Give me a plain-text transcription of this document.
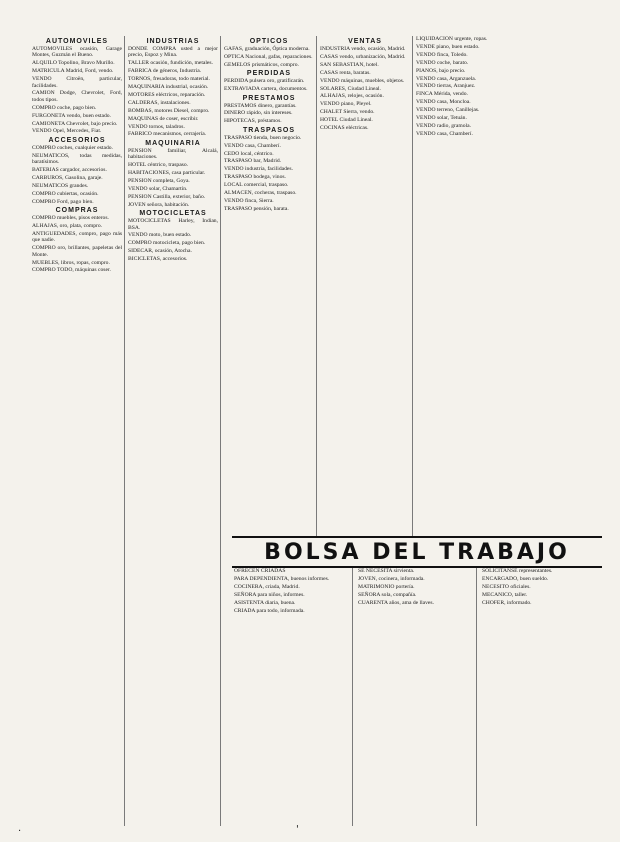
AUTOMOVILES
AUTOMOVILES ocasión, Garage Montes, Guzmán el Bueno.
ALQUILO Topolino, Bravo Murillo.
MATRICULA Madrid, Ford, vendo.
VENDO Citroën, particular, facilidades.
CAMION Dodge, Chevrolet, Ford, todos tipos.
COMPRO coche, pago bien.
FURGONETA vendo, buen estado.
CAMIONETA Chevrolet, bajo precio.
VENDO Opel, Mercedes, Fiat.
ACCESORIOS
COMPRO coches, cualquier estado.
NEUMATICOS, todas medidas, baratísimos.
BATERIAS cargador, accesorios.
CARBUROS, Gasolina, garaje.
NEUMATICOS grandes.
COMPRO cubiertas, ocasión.
COMPRO Ford, pago bien.
COMPRAS
COMPRO muebles, pisos enteros.
ALHAJAS, oro, plata, compro.
ANTIGUEDADES, compro, pago más que nadie.
COMPRO oro, brillantes, papeletas del Monte.
MUEBLES, libros, ropas, compro.
COMPRO TODO, máquinas coser.
INDUSTRIAS
DONDE COMPRA usted a mejor precio, Espoz y Mina.
TALLER ocasión, fundición, metales.
FABRICA de géneros, Industria.
TORNOS, fresadoras, todo material.
MAQUINARIA industrial, ocasión.
MOTORES eléctricos, reparación.
CALDERAS, instalaciones.
BOMBAS, motores Diesel, compro.
MAQUINAS de coser, escribir.
VENDO tornos, taladros.
FABRICO mecanismos, cerrajería.
MAQUINARIA
PENSION familiar, Alcalá, habitaciones.
HOTEL céntrico, traspaso.
HABITACIONES, casa particular.
PENSION completa, Goya.
VENDO solar, Chamartín.
PENSION Castilla, exterior, baño.
JOVEN señora, habitación.
MOTOCICLETAS
MOTOCICLETAS Harley, Indian, BSA.
VENDO moto, buen estado.
COMPRO motocicleta, pago bien.
SIDECAR, ocasión, Atocha.
BICICLETAS, accesorios.
OPTICOS
GAFAS, graduación, Óptica moderna.
OPTICA Nacional, gafas, reparaciones.
GEMELOS prismáticos, compro.
PERDIDAS
PERDIDA pulsera oro, gratificarán.
EXTRAVIADA cartera, documentos.
PRESTAMOS
PRESTAMOS dinero, garantías.
DINERO rápido, sin intereses.
HIPOTECAS, préstamos.
TRASPASOS
TRASPASO tienda, buen negocio.
VENDO casa, Chamberí.
CEDO local, céntrico.
TRASPASO bar, Madrid.
VENDO industria, facilidades.
TRASPASO bodega, vinos.
LOCAL comercial, traspaso.
ALMACEN, cocheras, traspaso.
VENDO finca, Sierra.
TRASPASO pensión, barata.
VENTAS
INDUSTRIA vendo, ocasión, Madrid.
CASAS vendo, urbanización, Madrid.
SAN SEBASTIAN, hotel.
CASAS renta, baratas.
VENDO máquinas, muebles, objetos.
SOLARES, Ciudad Lineal.
ALHAJAS, relojes, ocasión.
VENDO piano, Pleyel.
CHALET Sierra, vendo.
HOTEL Ciudad Lineal.
COCINAS eléctricas.
LIQUIDACION urgente, ropas.
VENDE piano, buen estado.
VENDO finca, Toledo.
VENDO coche, barato.
PIANOS, bajo precio.
VENDO casa, Arganzuela.
VENDO tierras, Aranjuez.
FINCA Mérida, vendo.
VENDO casa, Moncloa.
VENDO terreno, Canillejas.
VENDO solar, Tetuán.
VENDO radio, gramola.
VENDO casa, Chamberí.
BOLSA DEL TRABAJO
OFRECEN CRIADAS
PARA DEPENDIENTA, buenos informes.
COCINERA, criada, Madrid.
SEÑORA para niños, informes.
ASISTENTA diaria, buena.
CRIADA para todo, informada.
SE NECESITA sirvienta.
JOVEN, cocinera, informada.
MATRIMONIO portería.
SEÑORA sola, compañía.
CUARENTA años, ama de llaves.
SOLICITANSE representantes.
ENCARGADO, buen sueldo.
NECESITO oficiales.
MECANICO, taller.
CHOFER, informado.
·	'
